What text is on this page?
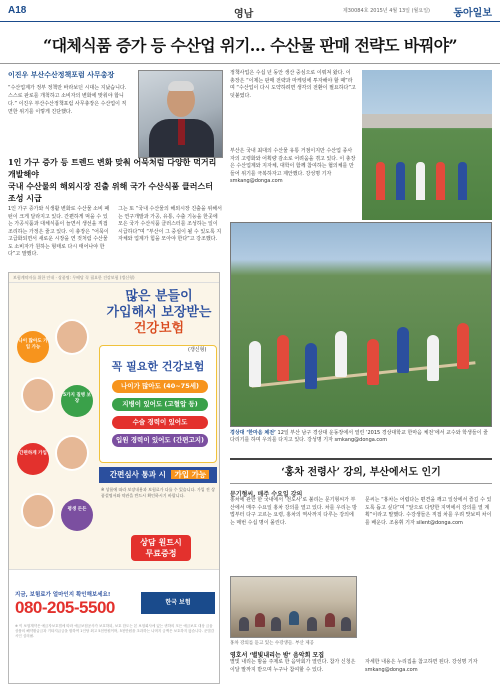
A18	영남	제30084호 2015년 4월 13일 (월요일) 동아일보
“대체식품 증가 등 수산업 위기… 수산물 판매 전략도 바꿔야”
이진우 부산수산정책포럼 사무총장
“수산업계가 정부 정책만 바라보던 시대는 지났습니다. 스스로 판로를 개척하고 소비자의 변화에 맞춰야 합니다.” 이진우 부산수산정책포럼 사무총장은 수산업이 직면한 위기를 이렇게 진단했다.
1인 가구 증가 등 트렌드 변화 맞춰 어묵처럼 다양한 먹거리 개발해야
국내 수산물의 해외시장 진출 위해 국가 수산식품 클러스터 조성 시급
1인 가구 증가와 식생활 변화로 수산물 소비 패턴이 크게 달라지고 있다. 간편하게 먹을 수 있는 가공식품과 대체식품이 늘면서 생선을 직접 조리하는 가정은 줄고 있다. 이 총장은 “어묵이 고급화되면서 새로운 시장을 연 것처럼 수산물도 소비자가 원하는 형태로 다시 태어나야 한다”고 말했다.
그는 또 “국내 수산물의 해외시장 진출을 위해서는 연구개발과 가공, 유통, 수출 기능을 한곳에 모은 국가 수산식품 클러스터를 조성하는 일이 시급하다”며 “부산이 그 중심이 될 수 있도록 지자체와 업계가 힘을 모아야 한다”고 강조했다.
정책사업은 수십 년 동안 생산 중심으로 이뤄져 왔다. 이 총장은 “이제는 판매 전략과 마케팅에 투자해야 할 때”라며 “수산업이 다시 도약하려면 생각의 전환이 필요하다”고 덧붙였다.
부산은 국내 최대의 수산물 유통 거점이지만 수산업 종사자의 고령화와 어획량 감소로 어려움을 겪고 있다. 이 총장은 수산업계와 지자체, 대학이 함께 참여하는 협의체를 만들어 위기를 극복하자고 제안했다. 강성명 기자 smkang@donga.com
경상대 ‘한마음 체전’ 12일 부산 남구 경상대 운동장에서 열린 ‘2015 경상대학교 한마음 체전’에서 교수와 학생들이 줄다리기를 하며 우의를 다지고 있다. 강성명 기자 smkang@donga.com
보험계약자를 위한 안내 · 상품명: 무배당 꼭 필요한 건강보험 (갱신형)
많은 분들이
가입해서 보장받는
건강보험
나이 많아도 가입 가능
5가지 질병 보장
간편하게 가입
평생 든든
(갱신형)
꼭 필요한 건강보험
나이가 많아도 (40~75세)
지병이 있어도 (고혈압 등)
수술 경력이 있어도
입원 경력이 있어도 (간편고지)
간편심사 통과 시 가입 가능
※ 상품에 따라 보장내용과 보험료가 다를 수 있습니다. 가입 전 상품설명서와 약관을 반드시 확인하시기 바랍니다.
상담 원트시
무료증정
지금, 보험료가 얼마인지 확인해보세요!
080-205-5500	한국 보험
※ 이 보험계약은 예금자보호법에 따라 예금보험공사가 보호하되, 보호 한도는 본 보험회사에 있는 귀하의 모든 예금보호 대상 금융상품의 해약환급금과 기타지급금을 합하여 1인당 최고 5천만원이며, 5천만원을 초과하는 나머지 금액은 보호하지 않습니다. 준법감시인 심의필.
‘홍차 전령사’ 강의, 부산에서도 인기
문기형씨, 매주 수요일 강의
홍차에 관한 한 국내에서 ‘전도사’로 불리는 문기형씨가 부산에서 매주 수요일 홍차 강의를 열고 있다. 차를 우리는 방법부터 다구 고르는 요령, 홍차의 역사까지 다루는 강의에는 매번 수십 명이 몰린다.
문씨는 “홍차는 어렵다는 편견을 깨고 일상에서 즐길 수 있도록 돕고 싶다”며 “앞으로 다양한 지역에서 강의를 열 계획”이라고 말했다. 수강생들은 직접 차를 우려 맛보며 차이를 배운다. 조용휘 기자 silent@donga.com
홍차 강의를 듣고 있는 수강생들. 부산 제공
영호서 ‘별빛내리는 밤’ 음악회 모집
별빛 내리는 밤을 주제로 한 음악회가 열린다. 참가 신청은 이달 말까지 받으며 누구나 참여할 수 있다.
자세한 내용은 누리집을 참고하면 된다. 강성명 기자 smkang@donga.com
